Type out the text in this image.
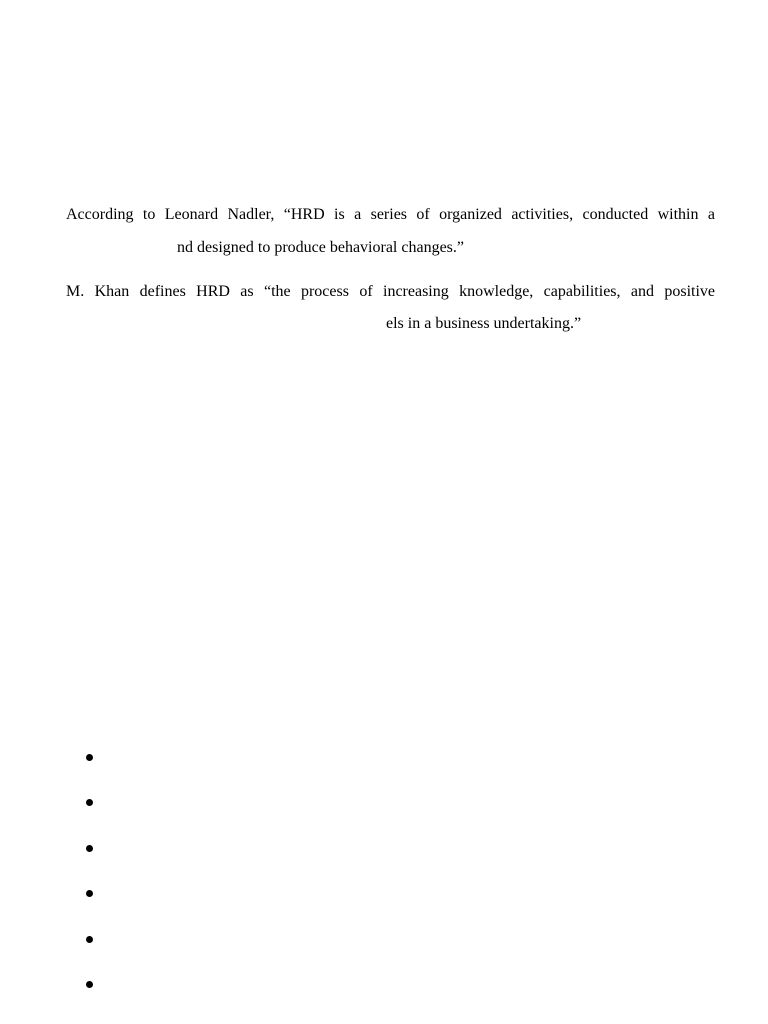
According to Leonard Nadler, “HRD is a series of organized activities, conducted within a
nd designed to produce behavioral changes.”
M. Khan defines HRD as “the process of increasing knowledge, capabilities, and positive
els in a business undertaking.”
